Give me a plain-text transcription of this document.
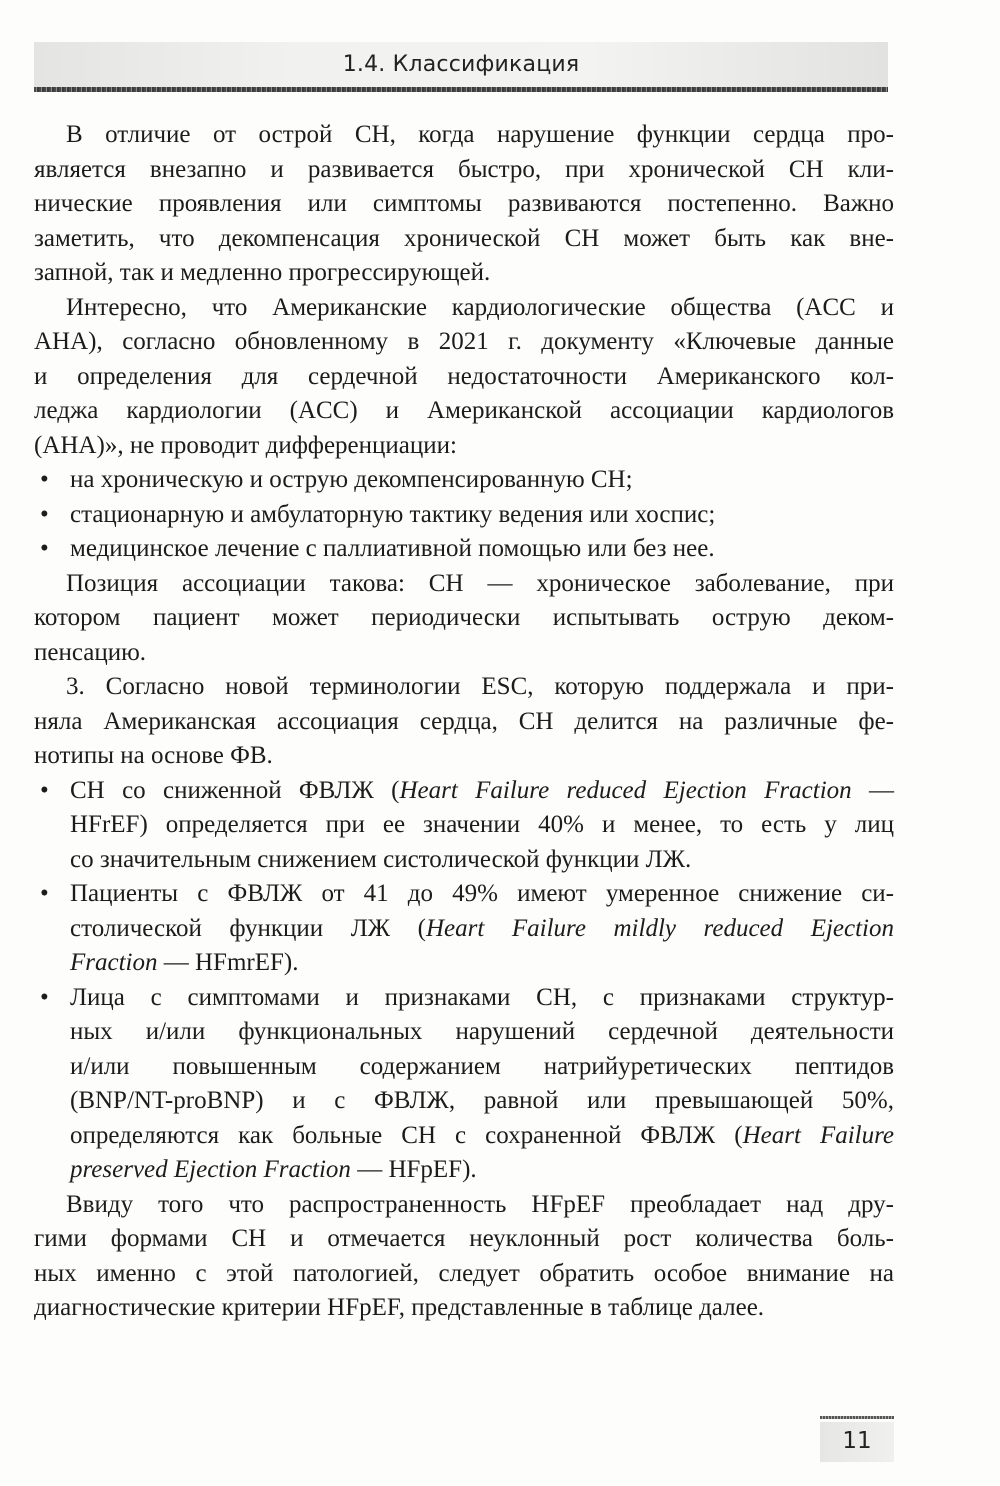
1.4. Классификация
В отличие от острой СН, когда нарушение функции сердца про-
является внезапно и развивается быстро, при хронической СН кли-
нические проявления или симптомы развиваются постепенно. Важно
заметить, что декомпенсация хронической СН может быть как вне-
запной, так и медленно прогрессирующей.
Интересно, что Американские кардиологические общества (ACC и
AHA), согласно обновленному в 2021 г. документу «Ключевые данные
и определения для сердечной недостаточности Американского кол-
леджа кардиологии (ACC) и Американской ассоциации кардиологов
(AHA)», не проводит дифференциации:
• на хроническую и острую декомпенсированную СН;
• стационарную и амбулаторную тактику ведения или хоспис;
• медицинское лечение с паллиативной помощью или без нее.
Позиция ассоциации такова: СН — хроническое заболевание, при
котором пациент может периодически испытывать острую деком-
пенсацию.
3. Согласно новой терминологии ESC, которую поддержала и при-
няла Американская ассоциация сердца, СН делится на различные фе-
нотипы на основе ФВ.
• СН со сниженной ФВЛЖ (Heart Failure reduced Ejection Fraction —
HFrEF) определяется при ее значении 40% и менее, то есть у лиц
со значительным снижением систолической функции ЛЖ.
• Пациенты с ФВЛЖ от 41 до 49% имеют умеренное снижение си-
столической функции ЛЖ (Heart Failure mildly reduced Ejection
Fraction — HFmrEF).
• Лица с симптомами и признаками СН, с признаками структур-
ных и/или функциональных нарушений сердечной деятельности
и/или повышенным содержанием натрийуретических пептидов
(BNP/NT-proBNP) и с ФВЛЖ, равной или превышающей 50%,
определяются как больные СН с сохраненной ФВЛЖ (Heart Failure
preserved Ejection Fraction — HFpEF).
Ввиду того что распространенность HFpEF преобладает над дру-
гими формами СН и отмечается неуклонный рост количества боль-
ных именно с этой патологией, следует обратить особое внимание на
диагностические критерии HFpEF, представленные в таблице далее.
11
